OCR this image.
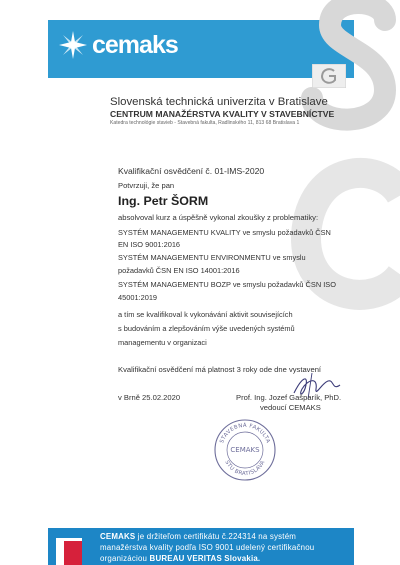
cemaks
Slovenská technická univerzita v Bratislave
CENTRUM MANAŽÉRSTVA KVALITY V STAVEBNÍCTVE
Katedra technológie stavieb - Stavebná fakulta, Radlinského 11, 813 68 Bratislava 1
Kvalifikační osvědčení č. 01-IMS-2020
Potvrzuji, že pan
Ing. Petr ŠORM
absolvoval kurz a úspěšně vykonal zkoušky z problematiky:
SYSTÉM MANAGEMENTU KVALITY ve smyslu požadavků ČSN
EN ISO 9001:2016
SYSTÉM MANAGEMENTU ENVIRONMENTU ve smyslu
požadavků ČSN EN ISO 14001:2016
SYSTÉM MANAGEMENTU BOZP ve smyslu požadavků ČSN ISO
45001:2019
a tím se kvalifikoval k vykonávání aktivit souvisejících
s budováním a zlepšováním výše uvedených systémů
managementu v organizaci
Kvalifikační osvědčení má platnost 3 roky ode dne vystavení
v Brně 25.02.2020	Prof. Ing. Jozef Gašparík, PhD.
vedoucí CEMAKS
STAVEBNÁ FAKULTA
CEMAKS
STU BRATISLAVA
CEMAKS je držiteľom certifikátu č.224314 na systém
manažérstva kvality podľa ISO 9001 udelený certifikačnou
organizáciou BUREAU VERITAS Slovakia.
